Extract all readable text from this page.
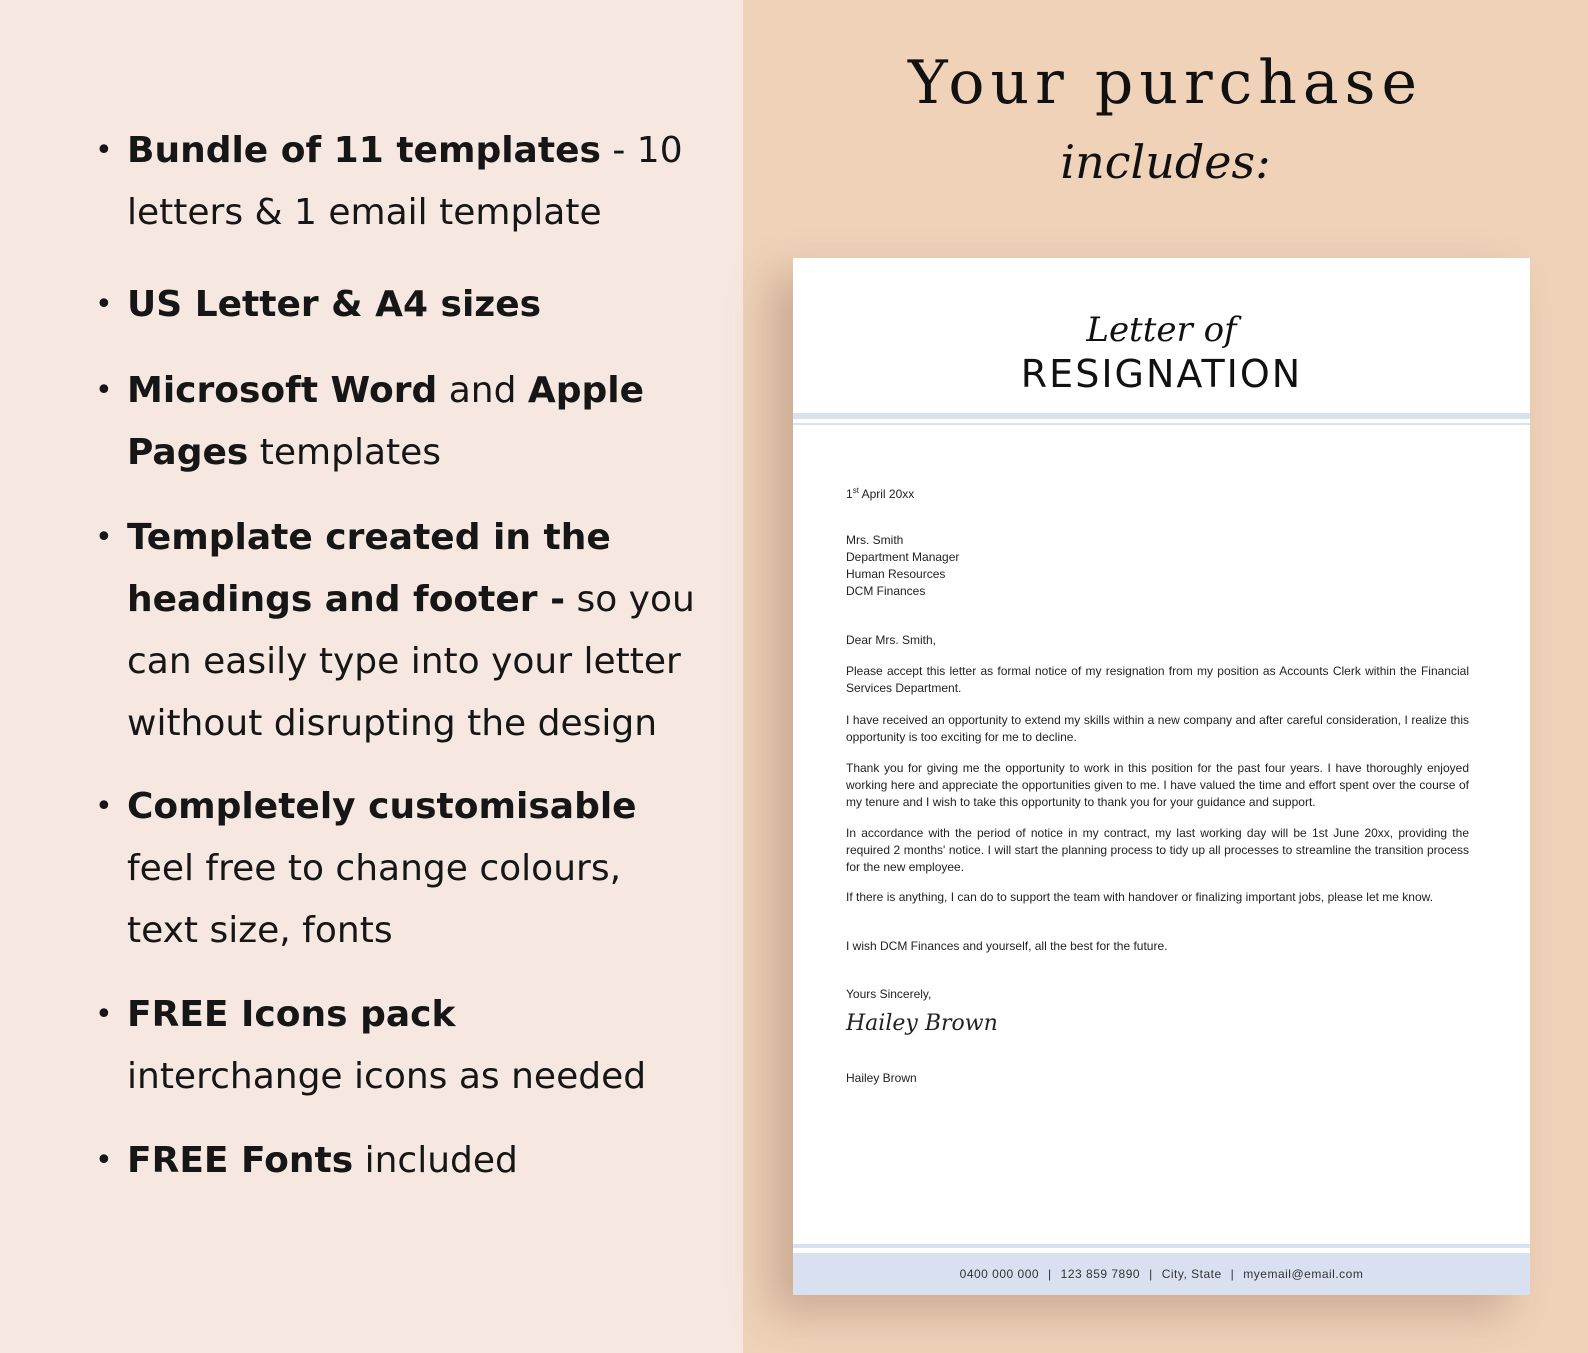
• Bundle of 11 templates - 10 letters & 1 email template
• US Letter & A4 sizes
• Microsoft Word and Apple Pages templates
• Template created in the headings and footer - so you can easily type into your letter without disrupting the design
• Completely customisable
feel free to change colours, text size, fonts
• FREE Icons pack
interchange icons as needed
• FREE Fonts included
Your purchase
includes:
Letter of
RESIGNATION
1st April 20xx
Mrs. Smith
Department Manager
Human Resources
DCM Finances
Dear Mrs. Smith,
Please accept this letter as formal notice of my resignation from my position as Accounts Clerk within the Financial Services Department.
I have received an opportunity to extend my skills within a new company and after careful consideration, I realize this opportunity is too exciting for me to decline.
Thank you for giving me the opportunity to work in this position for the past four years. I have thoroughly enjoyed working here and appreciate the opportunities given to me. I have valued the time and effort spent over the course of my tenure and I wish to take this opportunity to thank you for your guidance and support.
In accordance with the period of notice in my contract, my last working day will be 1st June 20xx, providing the required 2 months' notice. I will start the planning process to tidy up all processes to streamline the transition process for the new employee.
If there is anything, I can do to support the team with handover or finalizing important jobs, please let me know.
I wish DCM Finances and yourself, all the best for the future.
Yours Sincerely,
Hailey Brown
Hailey Brown
0400 000 000 | 123 859 7890 | City, State | myemail@email.com
